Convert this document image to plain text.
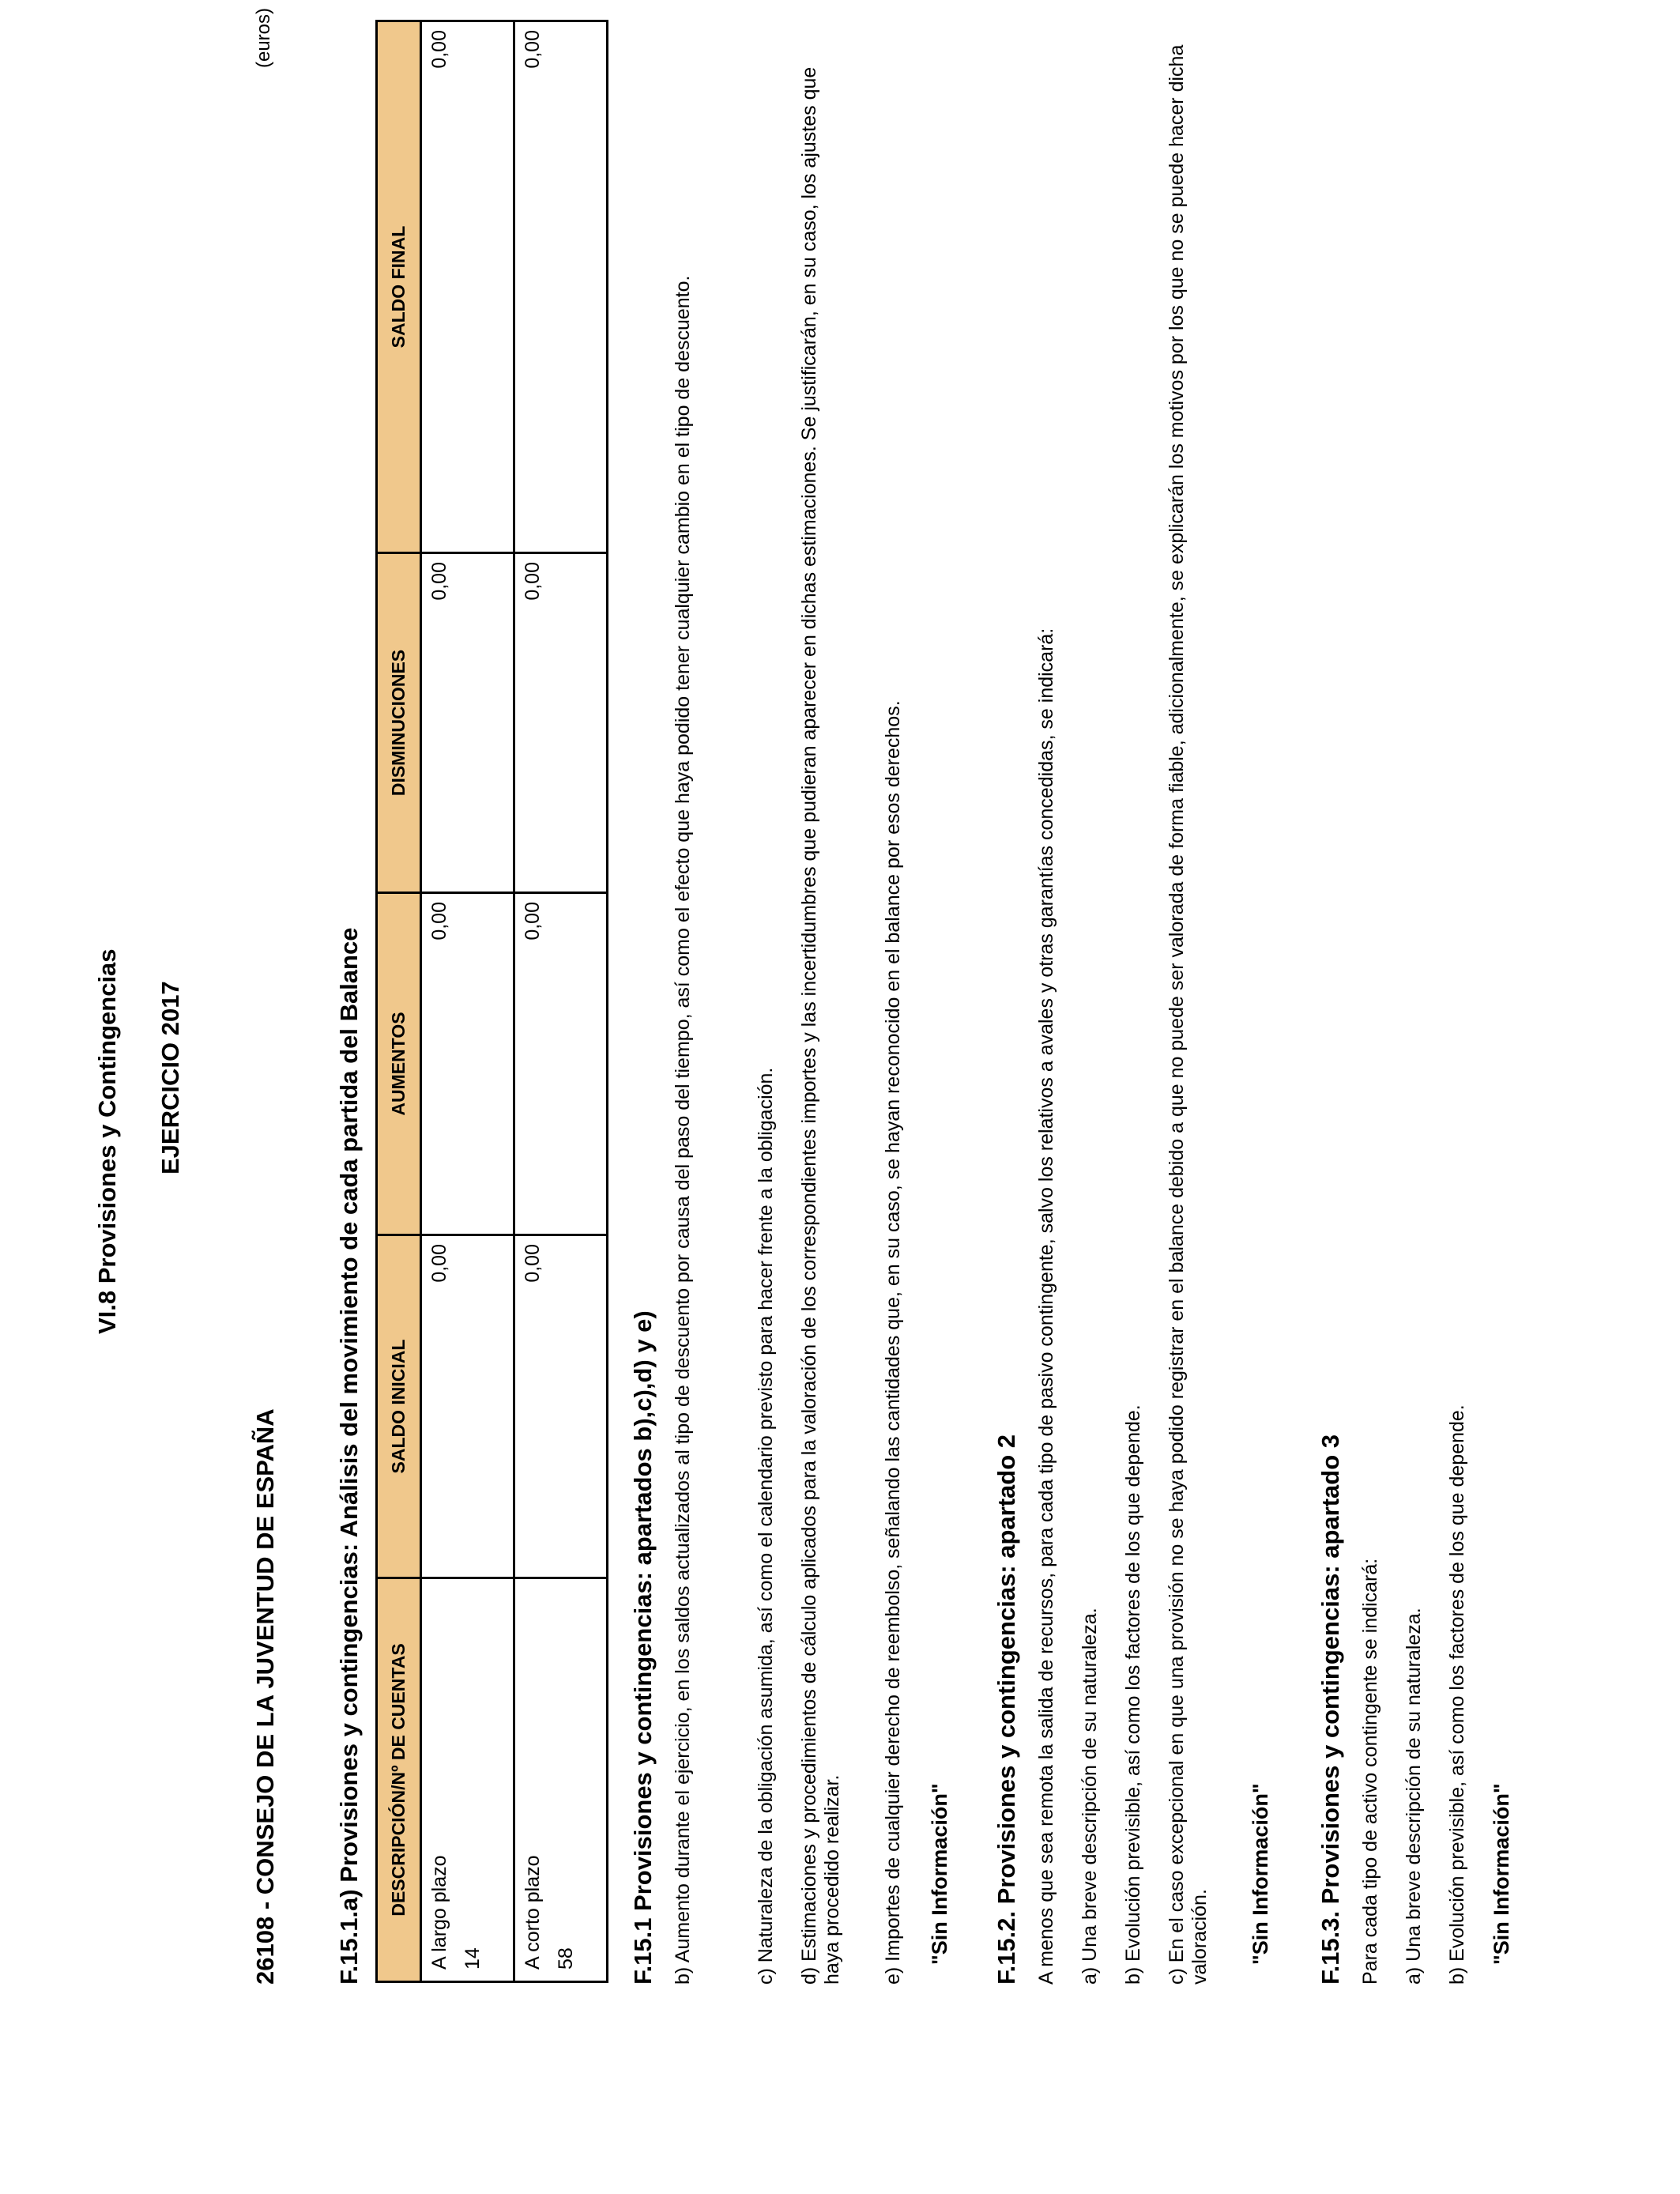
VI.8 Provisiones y Contingencias EJERCICIO 2017
(euros)
26108 - CONSEJO DE LA JUVENTUD DE ESPAÑA F.15.1.a) Provisiones y contingencias: Análisis del movimiento de cada partida del Balance DESCRIPCIÓN/Nº DE CUENTAS	SALDO INICIAL	AUMENTOS	DISMINUCIONES	SALDO FINAL

A largo plazo 14	0,00	0,00	0,00	0,00

A corto plazo 58	0,00	0,00	0,00	0,00
F.15.1 Provisiones y contingencias: apartados b),c),d) y e) b) Aumento durante el ejercicio, en los saldos actualizados al tipo de descuento por causa del paso del tiempo, así como el efecto que haya podido tener cualquier cambio en el tipo de descuento.	c) Naturaleza de la obligación asumida, así como el calendario previsto para hacer frente a la obligación. d) Estimaciones y procedimientos de cálculo aplicados para la valoración de los correspondientes importes y las incertidumbres que pudieran aparecer en dichas estimaciones. Se justificarán, en su caso, los ajustes que haya procedido realizar. e) Importes de cualquier derecho de reembolso, señalando las cantidades que, en su caso, se hayan reconocido en el balance por esos derechos. "Sin Información" F.15.2. Provisiones y contingencias: apartado 2 A menos que sea remota la salida de recursos, para cada tipo de pasivo contingente, salvo los relativos a avales y otras garantías concedidas, se indicará: a) Una breve descripción de su naturaleza. b) Evolución previsible, así como los factores de los que depende. c) En el caso excepcional en que una provisión no se haya podido registrar en el balance debido a que no puede ser valorada de forma fiable, adicionalmente, se explicarán los motivos por los que no se puede hacer dicha valoración. "Sin Información" F.15.3. Provisiones y contingencias: apartado 3 Para cada tipo de activo contingente se indicará: a) Una breve descripción de su naturaleza. b) Evolución previsible, así como los factores de los que depende. "Sin Información"
